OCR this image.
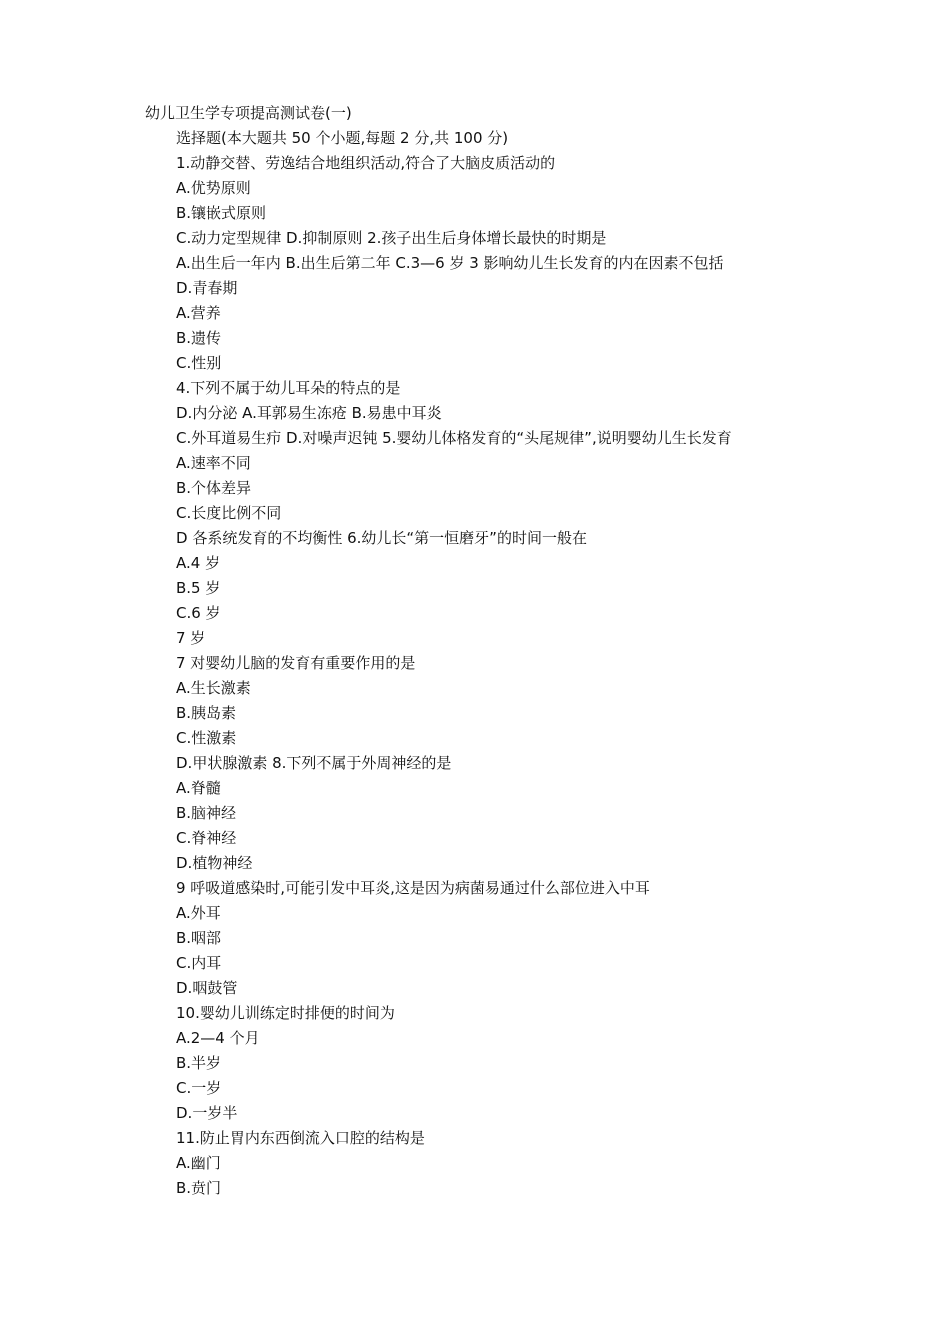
幼儿卫生学专项提高测试卷(一)
选择题(本大题共 50 个小题,每题 2 分,共 100 分)
1.动静交替、劳逸结合地组织活动,符合了大脑皮质活动的
A.优势原则
B.镶嵌式原则
C.动力定型规律 D.抑制原则 2.孩子出生后身体增长最快的时期是
A.出生后一年内 B.出生后第二年 C.3—6 岁 3 影响幼儿生长发育的内在因素不包括
D.青春期
A.营养
B.遗传
C.性别
4.下列不属于幼儿耳朵的特点的是
D.内分泌 A.耳郭易生冻疮 B.易患中耳炎
C.外耳道易生疖 D.对噪声迟钝 5.婴幼儿体格发育的“头尾规律”,说明婴幼儿生长发育
A.速率不同
B.个体差异
C.长度比例不同
D 各系统发育的不均衡性 6.幼儿长“第一恒磨牙”的时间一般在
A.4 岁
B.5 岁
C.6 岁
7 岁
7 对婴幼儿脑的发育有重要作用的是
A.生长激素
B.胰岛素
C.性激素
D.甲状腺激素 8.下列不属于外周神经的是
A.脊髓
B.脑神经
C.脊神经
D.植物神经
9 呼吸道感染时,可能引发中耳炎,这是因为病菌易通过什么部位进入中耳
A.外耳
B.咽部
C.内耳
D.咽鼓管
10.婴幼儿训练定时排便的时间为
A.2—4 个月
B.半岁
C.一岁
D.一岁半
11.防止胃内东西倒流入口腔的结构是
A.幽门
B.贲门
